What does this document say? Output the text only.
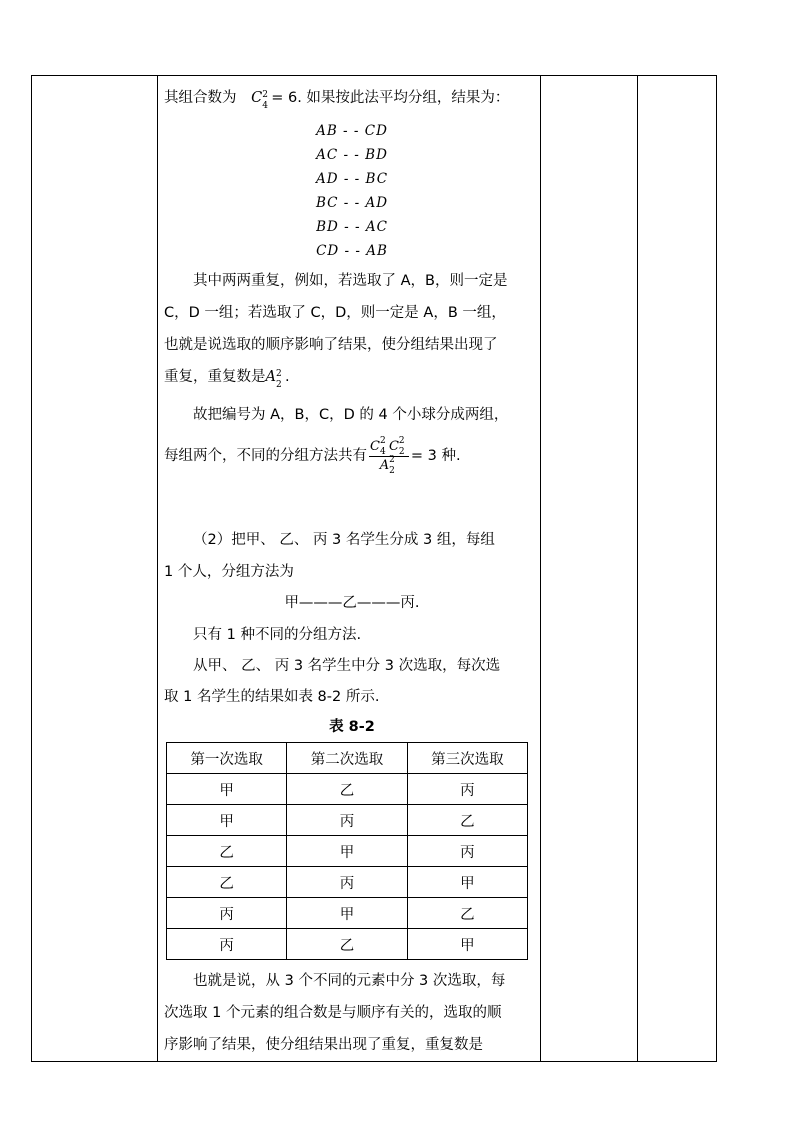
其组合数为 C 2
4 = 6. 如果按此法平均分组，结果为：
AB - - CD
AC - - BD
AD - - BC
BC - - AD
BD - - AC
CD - - AB
其中两两重复，例如，若选取了 A，B，则一定是
C，D 一组；若选取了 C，D，则一定是 A，B 一组，
也就是说选取的顺序影响了结果，使分组结果出现了
重复，重复数是A 2
2 .
故把编号为 A，B，C，D 的 4 个小球分成两组，
每组两个，不同的分组方法共有 C 2
4 C 2
2
A 2
2 = 3 种.
（2）把甲、 乙、 丙 3 名学生分成 3 组，每组
1 个人，分组方法为
甲———乙———丙.
只有 1 种不同的分组方法.
从甲、 乙、 丙 3 名学生中分 3 次选取，每次选
取 1 名学生的结果如表 8-2 所示.
表 8-2
第一次选取	第二次选取	第三次选取
甲	乙	丙
甲	丙	乙
乙	甲	丙
乙	丙	甲
丙	甲	乙
丙	乙	甲
也就是说，从 3 个不同的元素中分 3 次选取，每
次选取 1 个元素的组合数是与顺序有关的，选取的顺
序影响了结果，使分组结果出现了重复，重复数是
